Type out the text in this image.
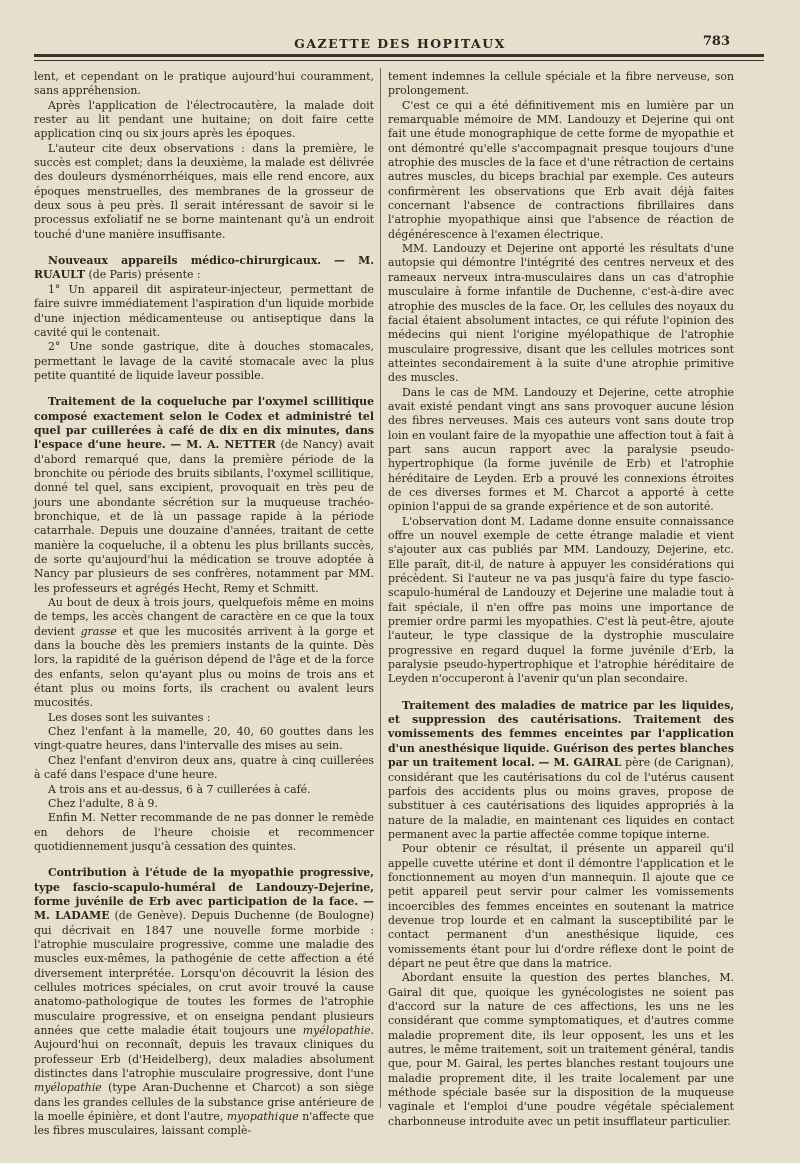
GAZETTE DES HOPITAUX	783

lent, et cependant on le pratique aujourd'hui couramment, sans appréhension.

Après l'application de l'électrocautère, la malade doit rester au lit pendant une huitaine; on doit faire cette application cinq ou six jours après les époques.

L'auteur cite deux observations : dans la première, le succès est complet; dans la deuxième, la malade est délivrée des douleurs dysménorrhéiques, mais elle rend encore, aux époques menstruelles, des membranes de la grosseur de deux sous à peu près. Il serait intéressant de savoir si le processus exfoliatif ne se borne maintenant qu'à un endroit touché d'une manière insuffisante.

Nouveaux appareils médico-chirurgicaux. — M. RUAULT (de Paris) présente :

1° Un appareil dit aspirateur-injecteur, permettant de faire suivre immédiatement l'aspiration d'un liquide morbide d'une injection médicamenteuse ou antiseptique dans la cavité qui le contenait.

2° Une sonde gastrique, dite à douches stomacales, permettant le lavage de la cavité stomacale avec la plus petite quantité de liquide laveur possible.

Traitement de la coqueluche par l'oxymel scillitique composé exactement selon le Codex et administré tel quel par cuillerées à café de dix en dix minutes, dans l'espace d'une heure. — M. A. NETTER (de Nancy) avait d'abord remarqué que, dans la première période de la bronchite ou période des bruits sibilants, l'oxymel scillitique, donné tel quel, sans excipient, provoquait en très peu de jours une abondante sécrétion sur la muqueuse trachéo-bronchique, et de là un passage rapide à la période catarrhale. Depuis une douzaine d'années, traitant de cette manière la coqueluche, il a obtenu les plus brillants succès, de sorte qu'aujourd'hui la médication se trouve adoptée à Nancy par plusieurs de ses confrères, notamment par MM. les professeurs et agrégés Hecht, Remy et Schmitt.

Au bout de deux à trois jours, quelquefois même en moins de temps, les accès changent de caractère en ce que la toux devient grasse et que les mucosités arrivent à la gorge et dans la bouche dès les premiers instants de la quinte. Dès lors, la rapidité de la guérison dépend de l'âge et de la force des enfants, selon qu'ayant plus ou moins de trois ans et étant plus ou moins forts, ils crachent ou avalent leurs mucosités.

Les doses sont les suivantes :

Chez l'enfant à la mamelle, 20, 40, 60 gouttes dans les vingt-quatre heures, dans l'intervalle des mises au sein.

Chez l'enfant d'environ deux ans, quatre à cinq cuillerées à café dans l'espace d'une heure.

A trois ans et au-dessus, 6 à 7 cuillerées à café.

Chez l'adulte, 8 à 9.

Enfin M. Netter recommande de ne pas donner le remède en dehors de l'heure choisie et recommencer quotidiennement jusqu'à cessation des quintes.

Contribution à l'étude de la myopathie progressive, type fascio-scapulo-huméral de Landouzy-Dejerine, forme juvénile de Erb avec participation de la face. — M. LADAME (de Genève). Depuis Duchenne (de Boulogne) qui décrivait en 1847 une nouvelle forme morbide : l'atrophie musculaire progressive, comme une maladie des muscles eux-mêmes, la pathogénie de cette affection a été diversement interprétée. Lorsqu'on découvrit la lésion des cellules motrices spéciales, on crut avoir trouvé la cause anatomo-pathologique de toutes les formes de l'atrophie musculaire progressive, et on enseigna pendant plusieurs années que cette maladie était toujours une myélopathie. Aujourd'hui on reconnaît, depuis les travaux cliniques du professeur Erb (d'Heidelberg), deux maladies absolument distinctes dans l'atrophie musculaire progressive, dont l'une myélopathie (type Aran-Duchenne et Charcot) a son siège dans les grandes cellules de la substance grise antérieure de la moelle épinière, et dont l'autre, myopathique n'affecte que les fibres musculaires, laissant complè-

tement indemnes la cellule spéciale et la fibre nerveuse, son prolongement.

C'est ce qui a été définitivement mis en lumière par un remarquable mémoire de MM. Landouzy et Dejerine qui ont fait une étude monographique de cette forme de myopathie et ont démontré qu'elle s'accompagnait presque toujours d'une atrophie des muscles de la face et d'une rétraction de certains autres muscles, du biceps brachial par exemple. Ces auteurs confirmèrent les observations que Erb avait déjà faites concernant l'absence de contractions fibrillaires dans l'atrophie myopathique ainsi que l'absence de réaction de dégénérescence à l'examen électrique.

MM. Landouzy et Dejerine ont apporté les résultats d'une autopsie qui démontre l'intégrité des centres nerveux et des rameaux nerveux intra-musculaires dans un cas d'atrophie musculaire à forme infantile de Duchenne, c'est-à-dire avec atrophie des muscles de la face. Or, les cellules des noyaux du facial étaient absolument intactes, ce qui réfute l'opinion des médecins qui nient l'origine myélopathique de l'atrophie musculaire progressive, disant que les cellules motrices sont atteintes secondairement à la suite d'une atrophie primitive des muscles.

Dans le cas de MM. Landouzy et Dejerine, cette atrophie avait existé pendant vingt ans sans provoquer aucune lésion des fibres nerveuses. Mais ces auteurs vont sans doute trop loin en voulant faire de la myopathie une affection tout à fait à part sans aucun rapport avec la paralysie pseudo-hypertrophique (la forme juvénile de Erb) et l'atrophie héréditaire de Leyden. Erb a prouvé les connexions étroites de ces diverses formes et M. Charcot a apporté à cette opinion l'appui de sa grande expérience et de son autorité.

L'observation dont M. Ladame donne ensuite connaissance offre un nouvel exemple de cette étrange maladie et vient s'ajouter aux cas publiés par MM. Landouzy, Dejerine, etc. Elle paraît, dit-il, de nature à appuyer les considérations qui précèdent. Si l'auteur ne va pas jusqu'à faire du type fascio-scapulo-huméral de Landouzy et Dejerine une maladie tout à fait spéciale, il n'en offre pas moins une importance de premier ordre parmi les myopathies. C'est là peut-être, ajoute l'auteur, le type classique de la dystrophie musculaire progressive en regard duquel la forme juvénile d'Erb, la paralysie pseudo-hypertrophique et l'atrophie héréditaire de Leyden n'occuperont à l'avenir qu'un plan secondaire.

Traitement des maladies de matrice par les liquides, et suppression des cautérisations. Traitement des vomissements des femmes enceintes par l'application d'un anesthésique liquide. Guérison des pertes blanches par un traitement local. — M. GAIRAL père (de Carignan), considérant que les cautérisations du col de l'utérus causent parfois des accidents plus ou moins graves, propose de substituer à ces cautérisations des liquides appropriés à la nature de la maladie, en maintenant ces liquides en contact permanent avec la partie affectée comme topique interne.

Pour obtenir ce résultat, il présente un appareil qu'il appelle cuvette utérine et dont il démontre l'application et le fonctionnement au moyen d'un mannequin. Il ajoute que ce petit appareil peut servir pour calmer les vomissements incoercibles des femmes enceintes en soutenant la matrice devenue trop lourde et en calmant la susceptibilité par le contact permanent d'un anesthésique liquide, ces vomissements étant pour lui d'ordre réflexe dont le point de départ ne peut être que dans la matrice.

Abordant ensuite la question des pertes blanches, M. Gairal dit que, quoique les gynécologistes ne soient pas d'accord sur la nature de ces affections, les uns ne les considérant que comme symptomatiques, et d'autres comme maladie proprement dite, ils leur opposent, les uns et les autres, le même traitement, soit un traitement général, tandis que, pour M. Gairal, les pertes blanches restant toujours une maladie proprement dite, il les traite localement par une méthode spéciale basée sur la disposition de la muqueuse vaginale et l'emploi d'une poudre végétale spécialement charbonneuse introduite avec un petit insufflateur particulier.
